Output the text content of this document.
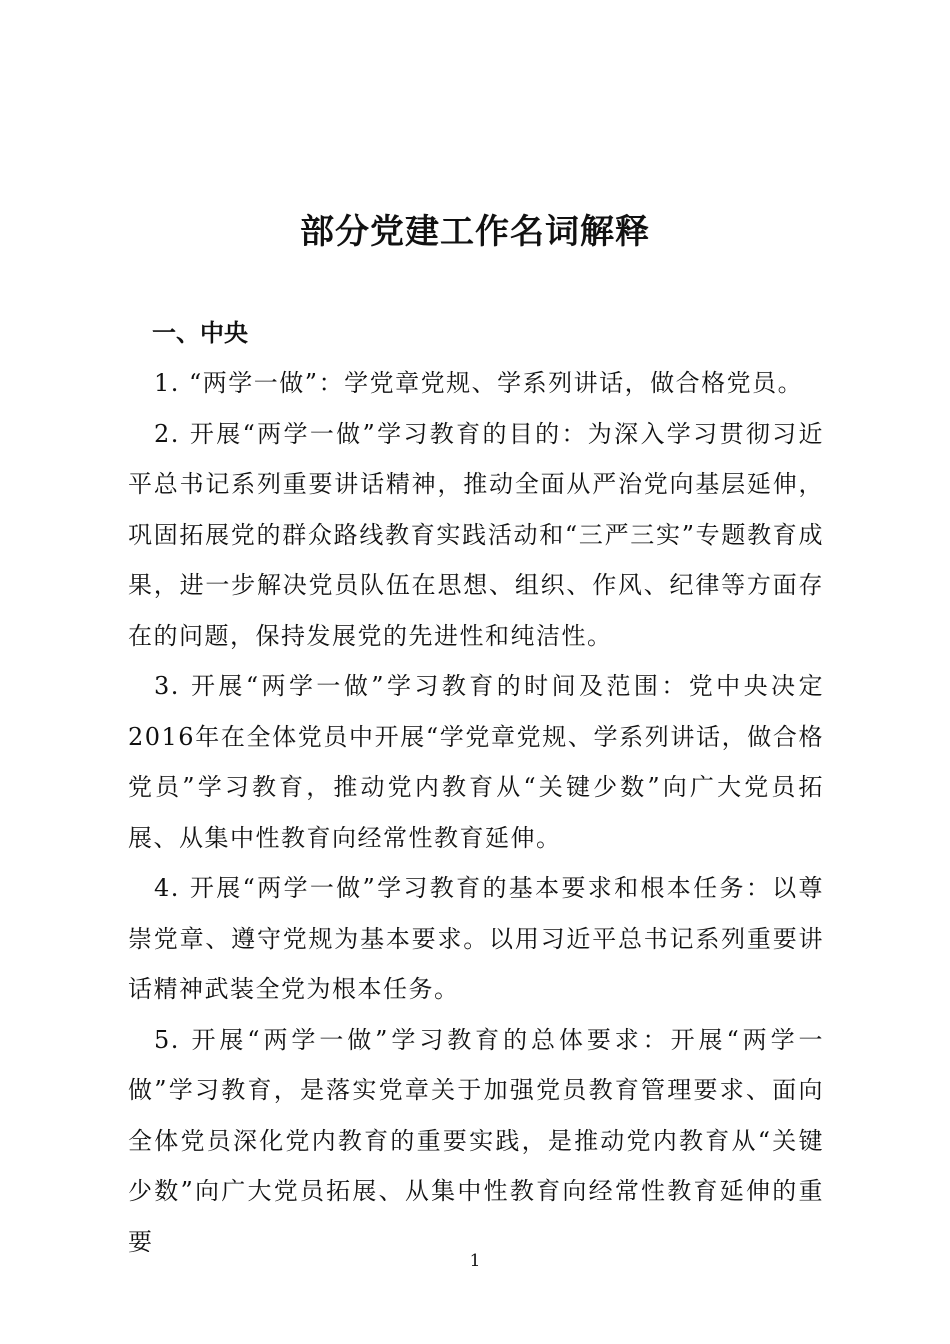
部分党建工作名词解释
一、中央

1. “两学一做”：学党章党规、学系列讲话，做合格党员。

2. 开展“两学一做”学习教育的目的：为深入学习贯彻习近平总书记系列重要讲话精神，推动全面从严治党向基层延伸，巩固拓展党的群众路线教育实践活动和“三严三实”专题教育成果，进一步解决党员队伍在思想、组织、作风、纪律等方面存在的问题，保持发展党的先进性和纯洁性。

3. 开展“两学一做”学习教育的时间及范围：党中央决定2016年在全体党员中开展“学党章党规、学系列讲话，做合格党员”学习教育，推动党内教育从“关键少数”向广大党员拓展、从集中性教育向经常性教育延伸。

4. 开展“两学一做”学习教育的基本要求和根本任务：以尊崇党章、遵守党规为基本要求。以用习近平总书记系列重要讲话精神武装全党为根本任务。

5. 开展“两学一做”学习教育的总体要求：开展“两学一做”学习教育，是落实党章关于加强党员教育管理要求、面向全体党员深化党内教育的重要实践，是推动党内教育从“关键少数”向广大党员拓展、从集中性教育向经常性教育延伸的重要

1
